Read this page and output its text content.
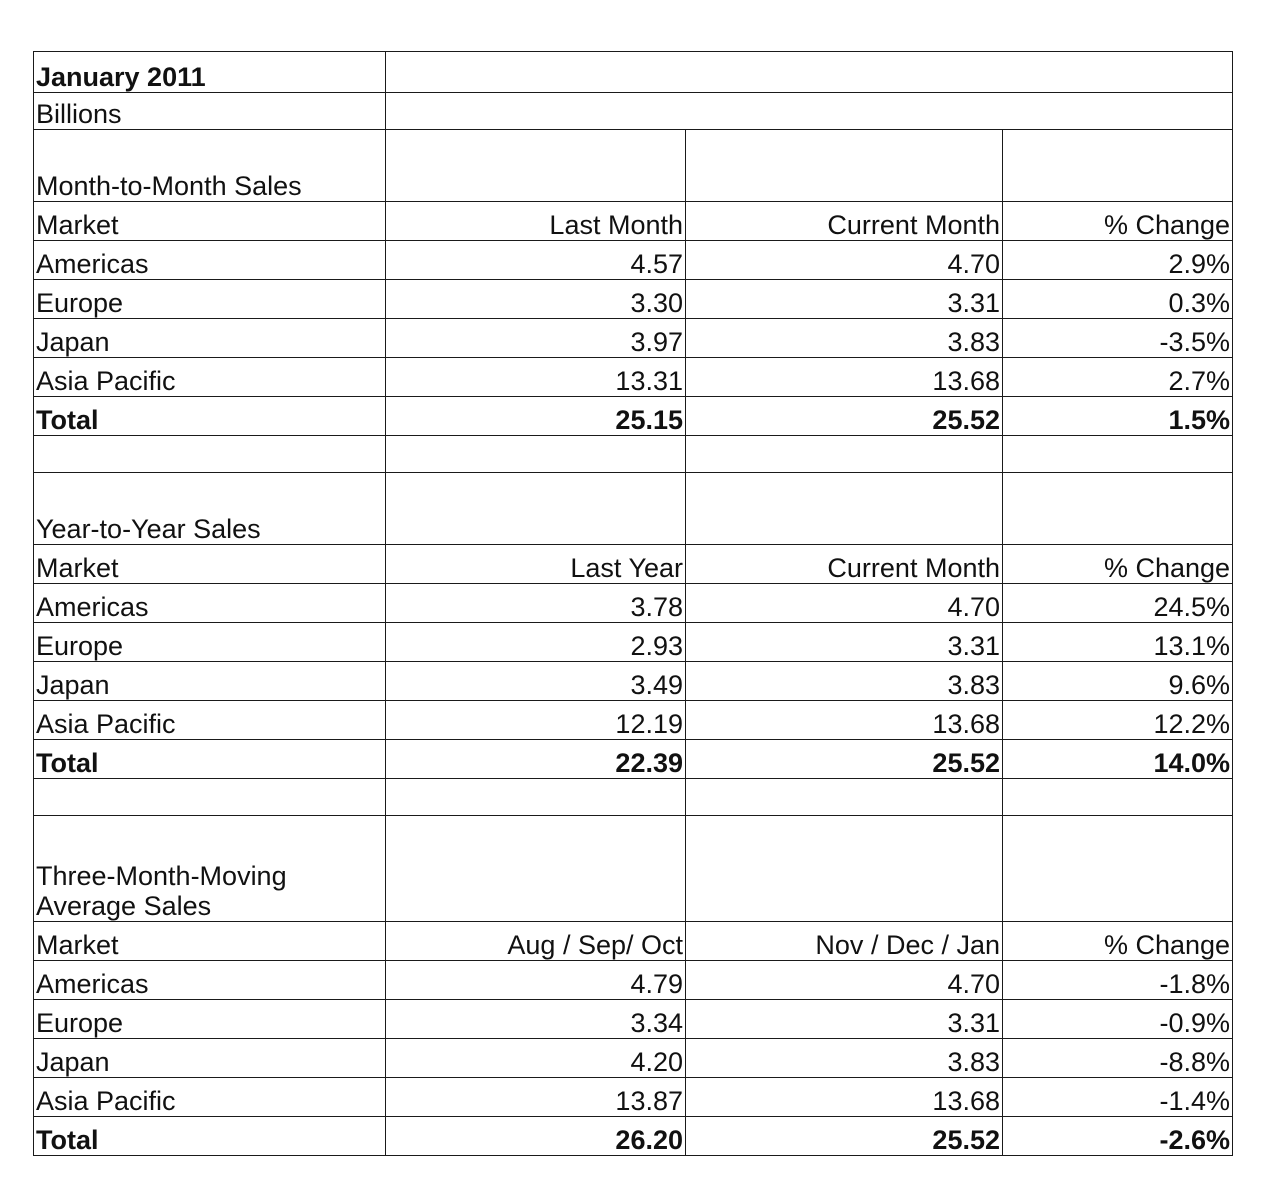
January 2011			
Billions			
Month-to-Month Sales			
Market	Last Month	Current Month	% Change
Americas	4.57	4.70	2.9%
Europe	3.30	3.31	0.3%
Japan	3.97	3.83	-3.5%
Asia Pacific	13.31	13.68	2.7%
Total	25.15	25.52	1.5%

Year-to-Year Sales			
Market	Last Year	Current Month	% Change
Americas	3.78	4.70	24.5%
Europe	2.93	3.31	13.1%
Japan	3.49	3.83	9.6%
Asia Pacific	12.19	13.68	12.2%
Total	22.39	25.52	14.0%

Three-Month-Moving Average Sales			
Market	Aug / Sep/ Oct	Nov / Dec / Jan	% Change
Americas	4.79	4.70	-1.8%
Europe	3.34	3.31	-0.9%
Japan	4.20	3.83	-8.8%
Asia Pacific	13.87	13.68	-1.4%
Total	26.20	25.52	-2.6%
